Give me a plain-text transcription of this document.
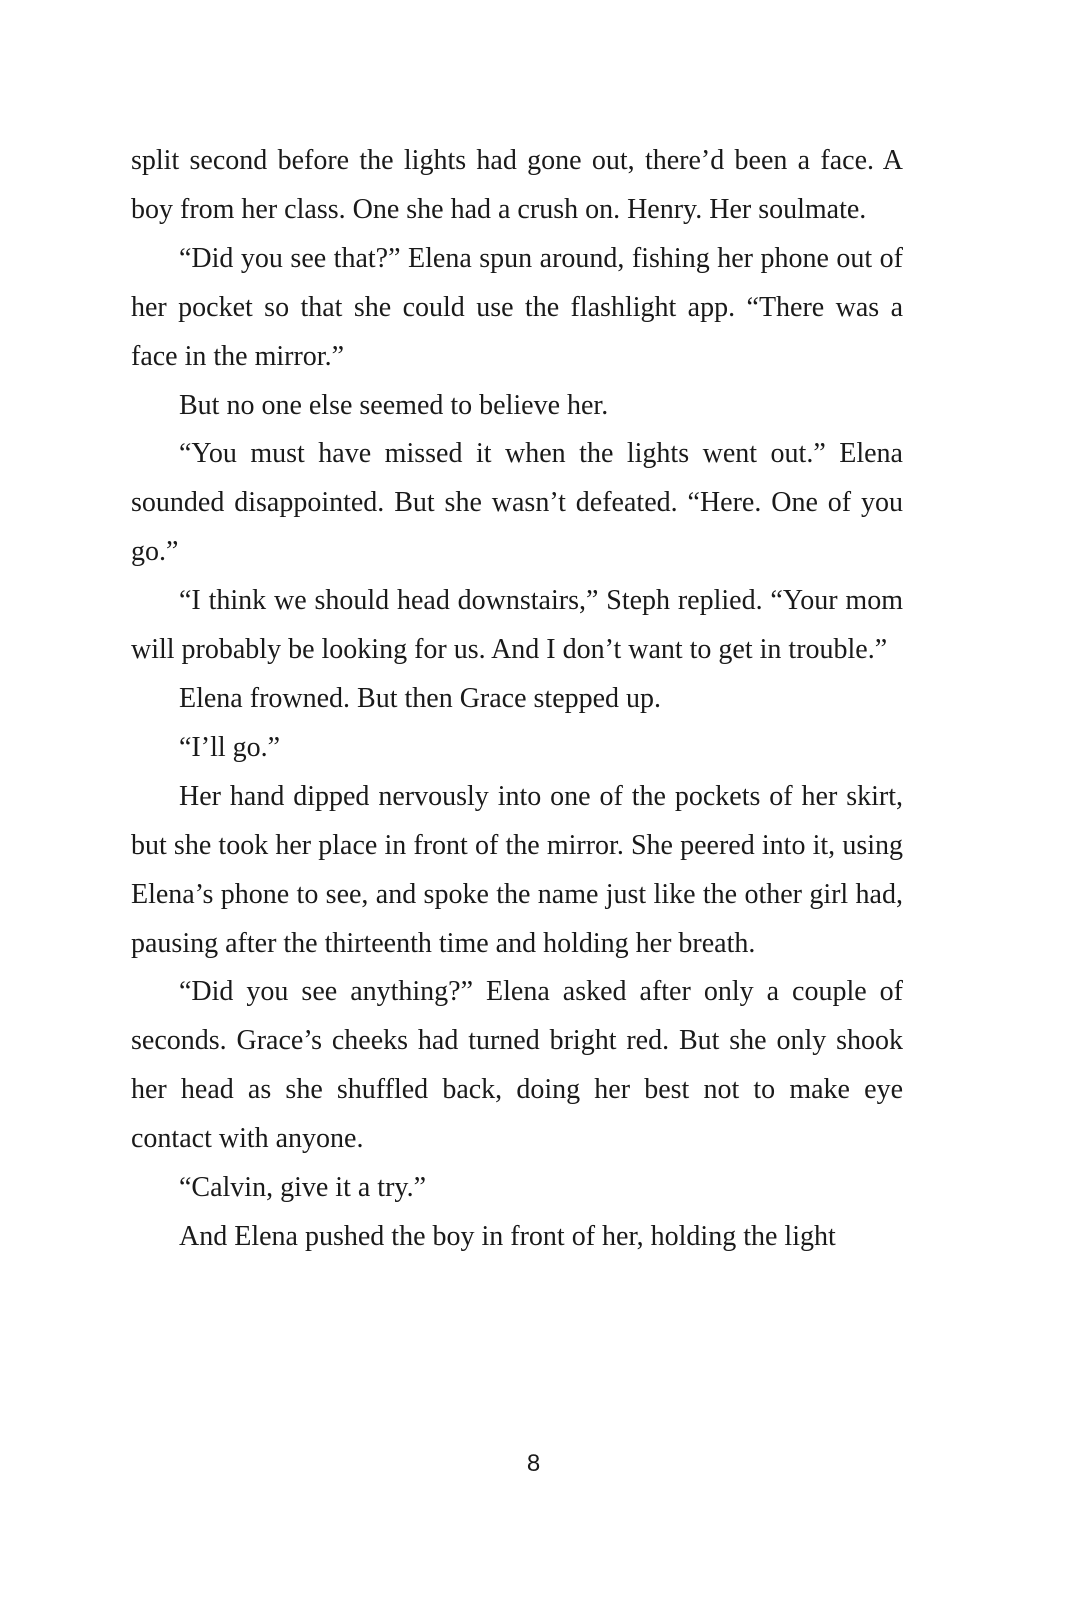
split second before the lights had gone out, there’d been a face. A boy from her class. One she had a crush on. Henry. Her soulmate.

“Did you see that?” Elena spun around, fishing her phone out of her pocket so that she could use the flashlight app. “There was a face in the mirror.”

But no one else seemed to believe her.

“You must have missed it when the lights went out.” Elena sounded disappointed. But she wasn’t defeated. “Here. One of you go.”

“I think we should head downstairs,” Steph replied. “Your mom will probably be looking for us. And I don’t want to get in trouble.”

Elena frowned. But then Grace stepped up.

“I’ll go.”

Her hand dipped nervously into one of the pockets of her skirt, but she took her place in front of the mirror. She peered into it, using Elena’s phone to see, and spoke the name just like the other girl had, pausing after the thirteenth time and holding her breath.

“Did you see anything?” Elena asked after only a couple of seconds. Grace’s cheeks had turned bright red. But she only shook her head as she shuffled back, doing her best not to make eye contact with anyone.

“Calvin, give it a try.”

And Elena pushed the boy in front of her, holding the light

8
